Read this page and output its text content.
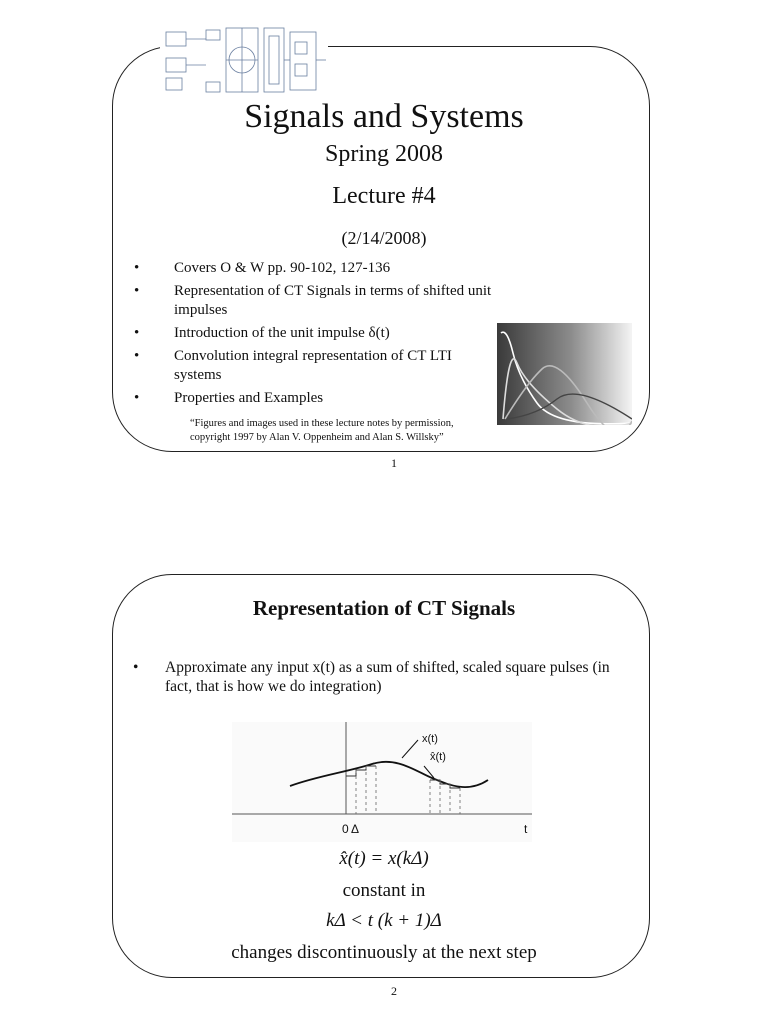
Signals and Systems
Spring 2008
Lecture #4
(2/14/2008)
• Covers O & W pp. 90-102, 127-136
• Representation of CT Signals in terms of shifted unit impulses
• Introduction of the unit impulse δ(t)
• Convolution integral representation of CT LTI systems
• Properties and Examples
“Figures and images used in these lecture notes by permission, copyright 1997 by Alan V. Oppenheim and Alan S. Willsky”
1
Representation of CT Signals
• Approximate any input x(t) as a sum of shifted, scaled square pulses (in fact, that is how we do integration)
x(t)
x̂(t)
0 Δ	t
x̂(t) = x(kΔ)
constant in
kΔ < t (k + 1)Δ
changes discontinuously at the next step
2
